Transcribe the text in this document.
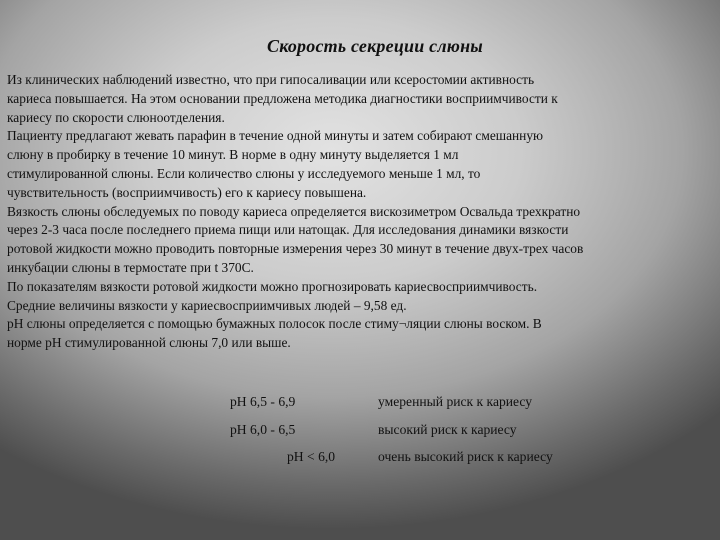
Скорость секреции слюны
Из клинических наблюдений известно, что при гипосаливации или ксеростомии активность
кариеса повышается. На этом основании предложена методика диагностики восприимчивости к
кариесу по скорости слюноотделения.
Пациенту предлагают жевать парафин в течение одной минуты и затем собирают смешанную
слюну в пробирку в течение 10 минут. В норме в одну минуту выделяется 1 мл
стимулированной слюны. Если количество слюны у исследуемого меньше 1 мл, то
чувствительность (восприимчивость) его к кариесу повышена.
Вязкость слюны обследуемых по поводу кариеса определяется вискозиметром Освальда трехкратно
через 2-3 часа после последнего приема пищи или натощак. Для исследования динамики вязкости
ротовой жидкости можно проводить повторные измерения через 30 минут в течение двух-трех часов
инкубации слюны в термостате при t 370С.
По показателям вязкости ротовой жидкости можно прогнозировать кариесвосприимчивость.
Средние величины вязкости у кариесвосприимчивых людей – 9,58 ед.
рН слюны определяется с помощью бумажных полосок после стиму¬ляции слюны воском. В
норме рН стимулированной слюны 7,0 или выше.
рН 6,5 - 6,9	умеренный риск к кариесу
рН 6,0 - 6,5	высокий риск к кариесу
рН < 6,0	очень высокий риск к кариесу
